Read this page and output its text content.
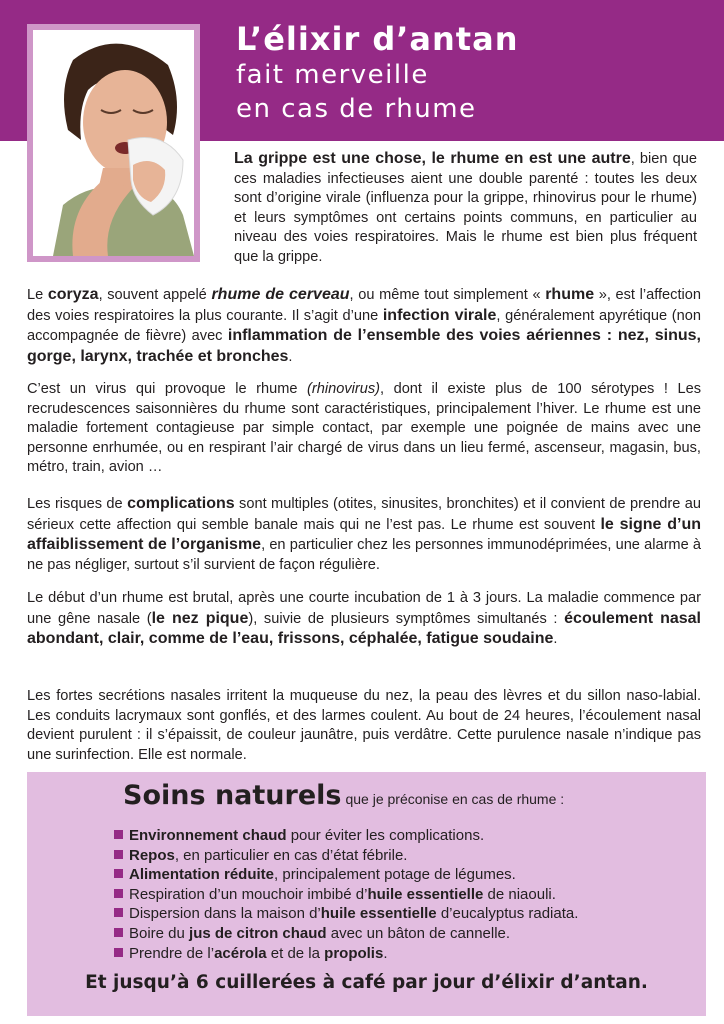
L’élixir d’antan
fait merveille
en cas de rhume

La grippe est une chose, le rhume en est une autre, bien que ces maladies infectieuses aient une double parenté : toutes les deux sont d’origine virale (influenza pour la grippe, rhinovirus pour le rhume) et leurs symptômes ont certains points communs, en particulier au niveau des voies respiratoires. Mais le rhume est bien plus fréquent que la grippe.

Le coryza, souvent appelé rhume de cerveau, ou même tout simplement « rhume », est l’affection des voies respiratoires la plus courante. Il s’agit d’une infection virale, généralement apyrétique (non accompagnée de fièvre) avec inflammation de l’ensemble des voies aériennes : nez, sinus, gorge, larynx, trachée et bronches.

C’est un virus qui provoque le rhume (rhinovirus), dont il existe plus de 100 sérotypes ! Les recrudescences saisonnières du rhume sont caractéristiques, principalement l’hiver. Le rhume est une maladie fortement contagieuse par simple contact, par exemple une poignée de mains avec une personne enrhumée, ou en respirant l’air chargé de virus dans un lieu fermé, ascenseur, magasin, bus, métro, train, avion …

Les risques de complications sont multiples (otites, sinusites, bronchites) et il convient de prendre au sérieux cette affection qui semble banale mais qui ne l’est pas. Le rhume est souvent le signe d’un affaiblissement de l’organisme, en particulier chez les personnes immunodéprimées, une alarme à ne pas négliger, surtout s’il survient de façon régulière.

Le début d’un rhume est brutal, après une courte incubation de 1 à 3 jours. La maladie commence par une gêne nasale (le nez pique), suivie de plusieurs symptômes simultanés : écoulement nasal abondant, clair, comme de l’eau, frissons, céphalée, fatigue soudaine.

Les fortes secrétions nasales irritent la muqueuse du nez, la peau des lèvres et du sillon naso-labial. Les conduits lacrymaux sont gonflés, et des larmes coulent. Au bout de 24 heures, l’écoulement nasal devient purulent : il s’épaissit, de couleur jaunâtre, puis verdâtre. Cette purulence nasale n’indique pas une surinfection. Elle est normale.

Soins naturels que je préconise en cas de rhume :
Environnement chaud pour éviter les complications.
Repos, en particulier en cas d’état fébrile.
Alimentation réduite, principalement potage de légumes.
Respiration d’un mouchoir imbibé d’huile essentielle de niaouli.
Dispersion dans la maison d’huile essentielle d’eucalyptus radiata.
Boire du jus de citron chaud avec un bâton de cannelle.
Prendre de l’acérola et de la propolis.
Et jusqu’à 6 cuillerées à café par jour d’élixir d’antan.
